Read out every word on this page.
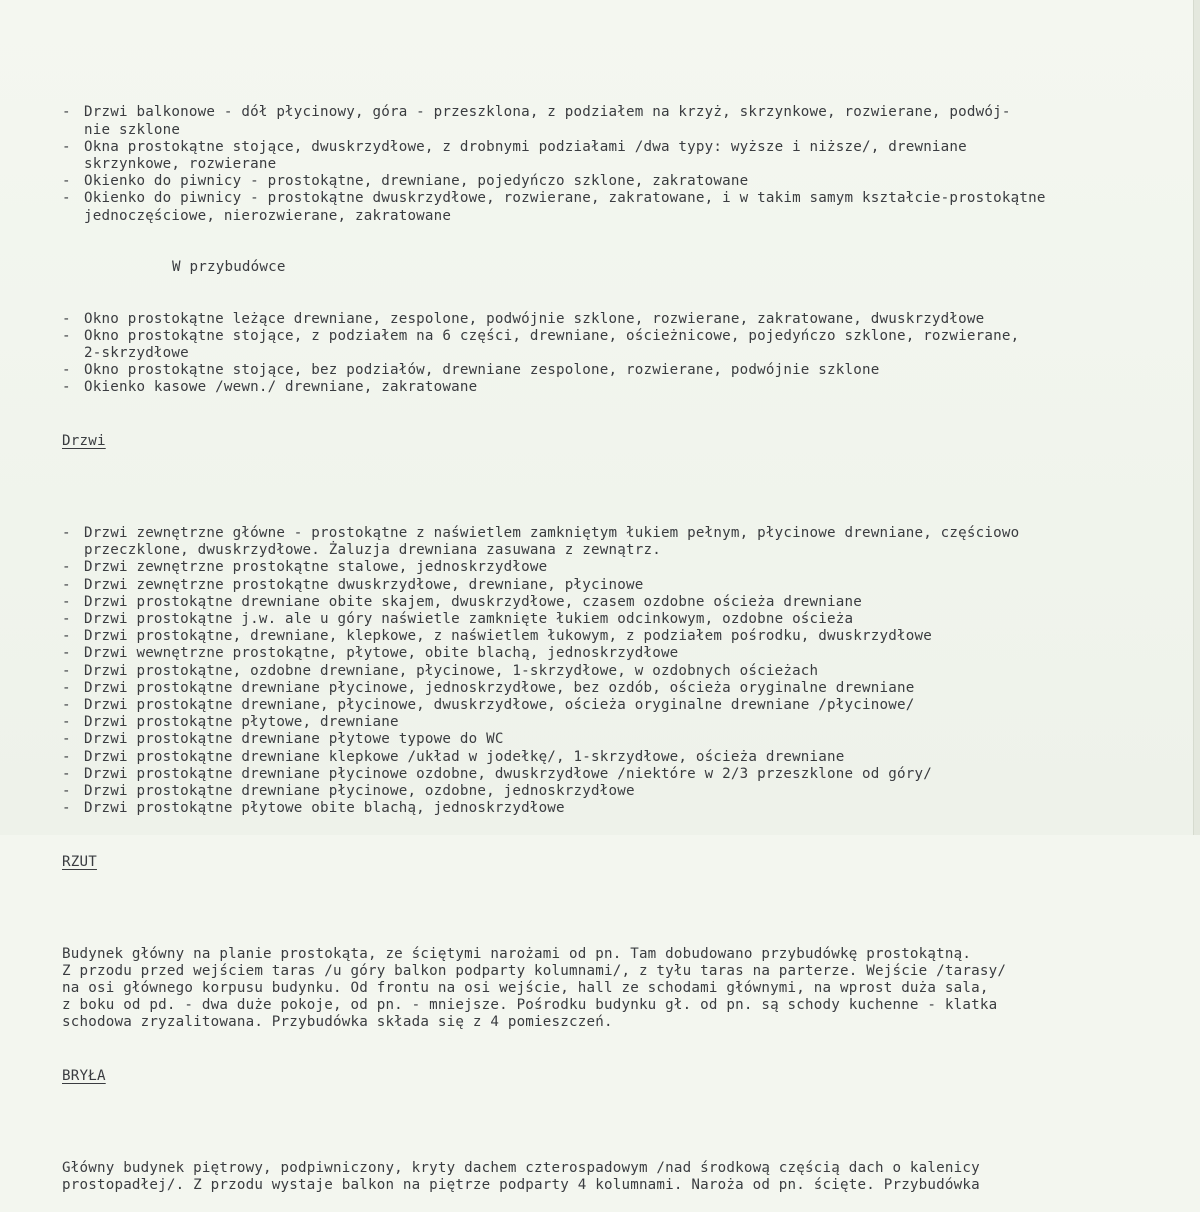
- Drzwi balkonowe - dół płycinowy, góra - przeszklona, z podziałem na krzyż, skrzynkowe, rozwierane, podwój-
nie szklone
- Okna prostokątne stojące, dwuskrzydłowe, z drobnymi podziałami /dwa typy: wyższe i niższe/, drewniane
skrzynkowe, rozwierane
- Okienko do piwnicy - prostokątne, drewniane, pojedyńczo szklone, zakratowane
- Okienko do piwnicy - prostokątne dwuskrzydłowe, rozwierane, zakratowane, i w takim samym kształcie-prostokątne
jednoczęściowe, nierozwierane, zakratowane

W przybudówce

- Okno prostokątne leżące drewniane, zespolone, podwójnie szklone, rozwierane, zakratowane, dwuskrzydłowe
- Okno prostokątne stojące, z podziałem na 6 części, drewniane, ościeżnicowe, pojedyńczo szklone, rozwierane,
2-skrzydłowe
- Okno prostokątne stojące, bez podziałów, drewniane zespolone, rozwierane, podwójnie szklone
- Okienko kasowe /wewn./ drewniane, zakratowane

Drzwi

- Drzwi zewnętrzne główne - prostokątne z naświetlem zamkniętym łukiem pełnym, płycinowe drewniane, częściowo
przeczklone, dwuskrzydłowe. Żaluzja drewniana zasuwana z zewnątrz.
- Drzwi zewnętrzne prostokątne stalowe, jednoskrzydłowe
- Drzwi zewnętrzne prostokątne dwuskrzydłowe, drewniane, płycinowe
- Drzwi prostokątne drewniane obite skajem, dwuskrzydłowe, czasem ozdobne ościeża drewniane
- Drzwi prostokątne j.w. ale u góry naświetle zamknięte łukiem odcinkowym, ozdobne ościeża
- Drzwi prostokątne, drewniane, klepkowe, z naświetlem łukowym, z podziałem pośrodku, dwuskrzydłowe
- Drzwi wewnętrzne prostokątne, płytowe, obite blachą, jednoskrzydłowe
- Drzwi prostokątne, ozdobne drewniane, płycinowe, 1-skrzydłowe, w ozdobnych ościeżach
- Drzwi prostokątne drewniane płycinowe, jednoskrzydłowe, bez ozdób, ościeża oryginalne drewniane
- Drzwi prostokątne drewniane, płycinowe, dwuskrzydłowe, ościeża oryginalne drewniane /płycinowe/
- Drzwi prostokątne płytowe, drewniane
- Drzwi prostokątne drewniane płytowe typowe do WC
- Drzwi prostokątne drewniane klepkowe /układ w jodełkę/, 1-skrzydłowe, ościeża drewniane
- Drzwi prostokątne drewniane płycinowe ozdobne, dwuskrzydłowe /niektóre w 2/3 przeszklone od góry/
- Drzwi prostokątne drewniane płycinowe, ozdobne, jednoskrzydłowe
- Drzwi prostokątne płytowe obite blachą, jednoskrzydłowe

RZUT

Budynek główny na planie prostokąta, ze ściętymi narożami od pn. Tam dobudowano przybudówkę prostokątną.
Z przodu przed wejściem taras /u góry balkon podparty kolumnami/, z tyłu taras na parterze. Wejście /tarasy/
na osi głównego korpusu budynku. Od frontu na osi wejście, hall ze schodami głównymi, na wprost duża sala,
z boku od pd. - dwa duże pokoje, od pn. - mniejsze. Pośrodku budynku gł. od pn. są schody kuchenne - klatka
schodowa zryzalitowana. Przybudówka składa się z 4 pomieszczeń.

BRYŁA

Główny budynek piętrowy, podpiwniczony, kryty dachem czterospadowym /nad środkową częścią dach o kalenicy
prostopadłej/. Z przodu wystaje balkon na piętrze podparty 4 kolumnami. Naroża od pn. ścięte. Przybudówka
